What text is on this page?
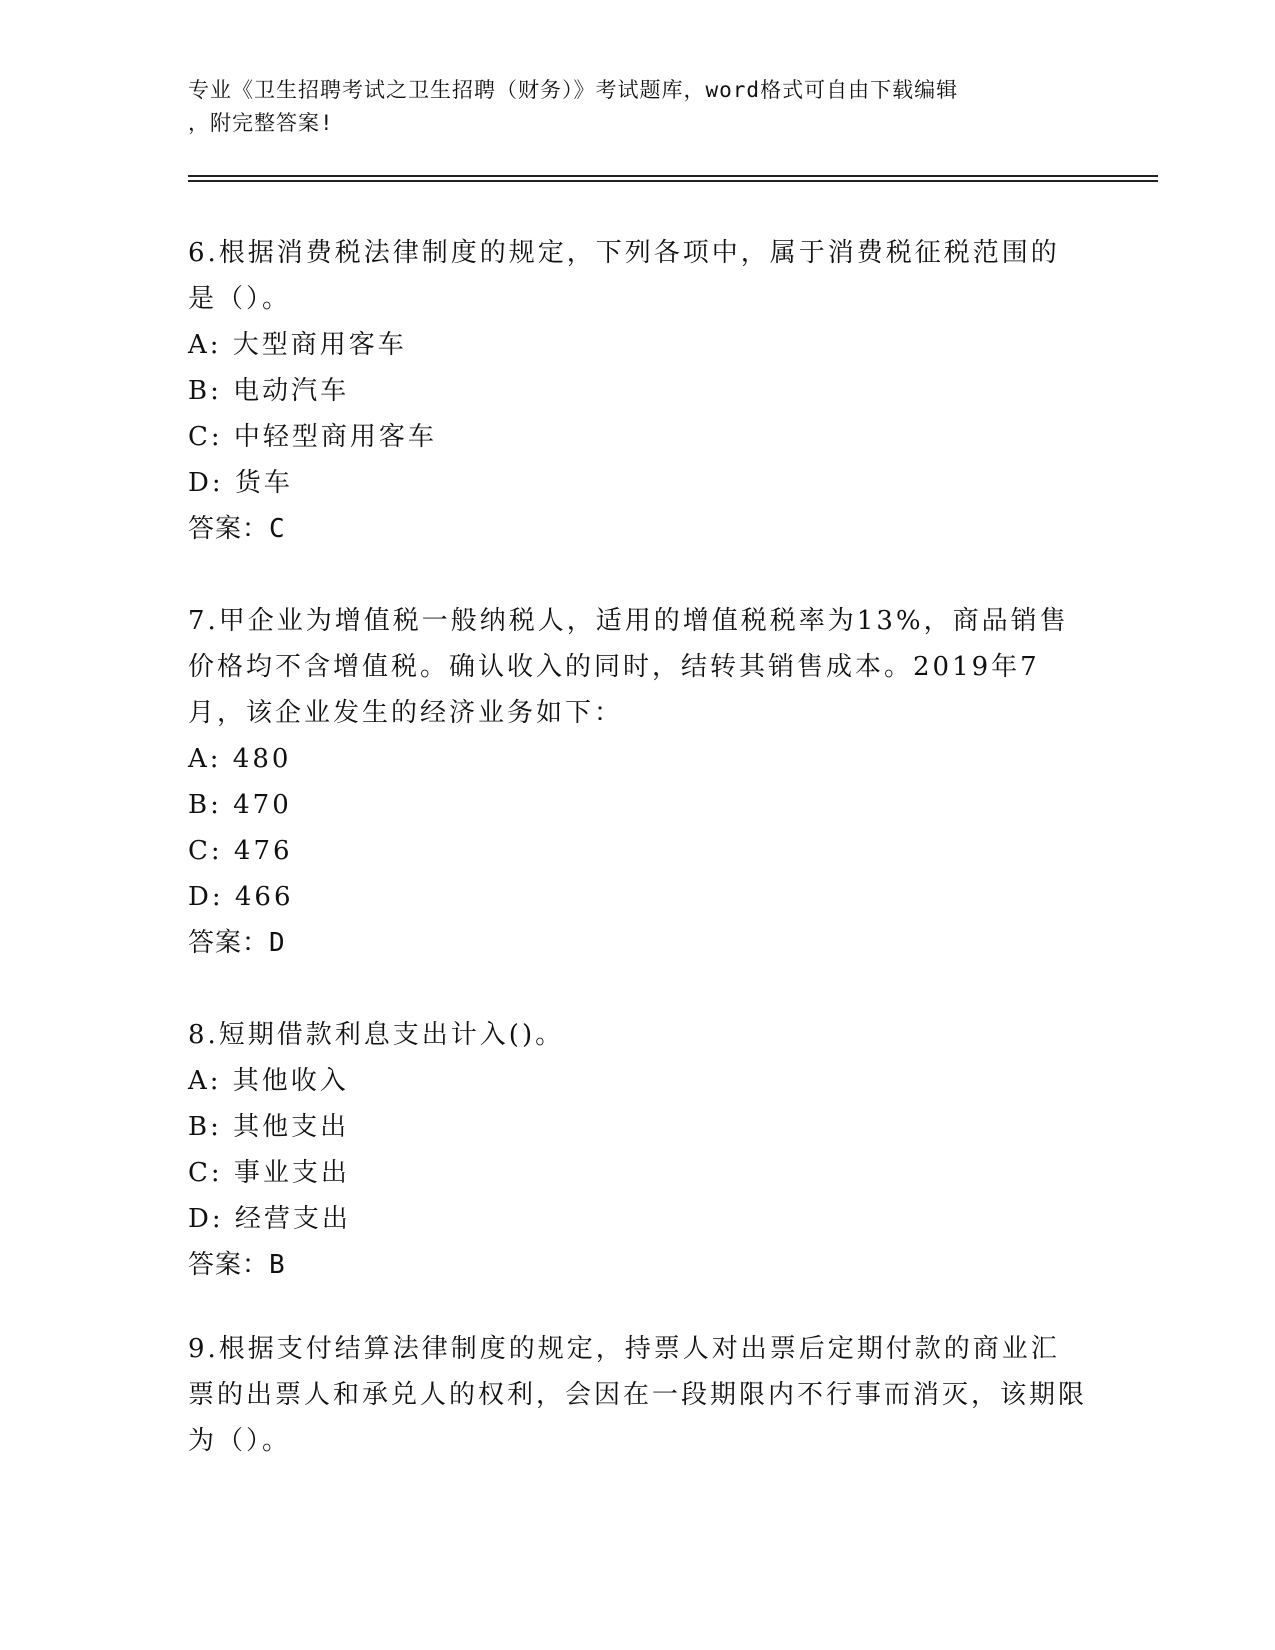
专业《卫生招聘考试之卫生招聘（财务）》考试题库，word格式可自由下载编辑
，附完整答案!
6.根据消费税法律制度的规定，下列各项中，属于消费税征税范围的是（）。
A: 大型商用客车
B: 电动汽车
C: 中轻型商用客车
D: 货车
答案：C
7.甲企业为增值税一般纳税人，适用的增值税税率为13%，商品销售价格均不含增值税。确认收入的同时，结转其销售成本。2019年7月，该企业发生的经济业务如下：
A: 480
B: 470
C: 476
D: 466
答案：D
8.短期借款利息支出计入()。
A: 其他收入
B: 其他支出
C: 事业支出
D: 经营支出
答案：B
9.根据支付结算法律制度的规定，持票人对出票后定期付款的商业汇票的出票人和承兑人的权利，会因在一段期限内不行事而消灭，该期限为（）。
